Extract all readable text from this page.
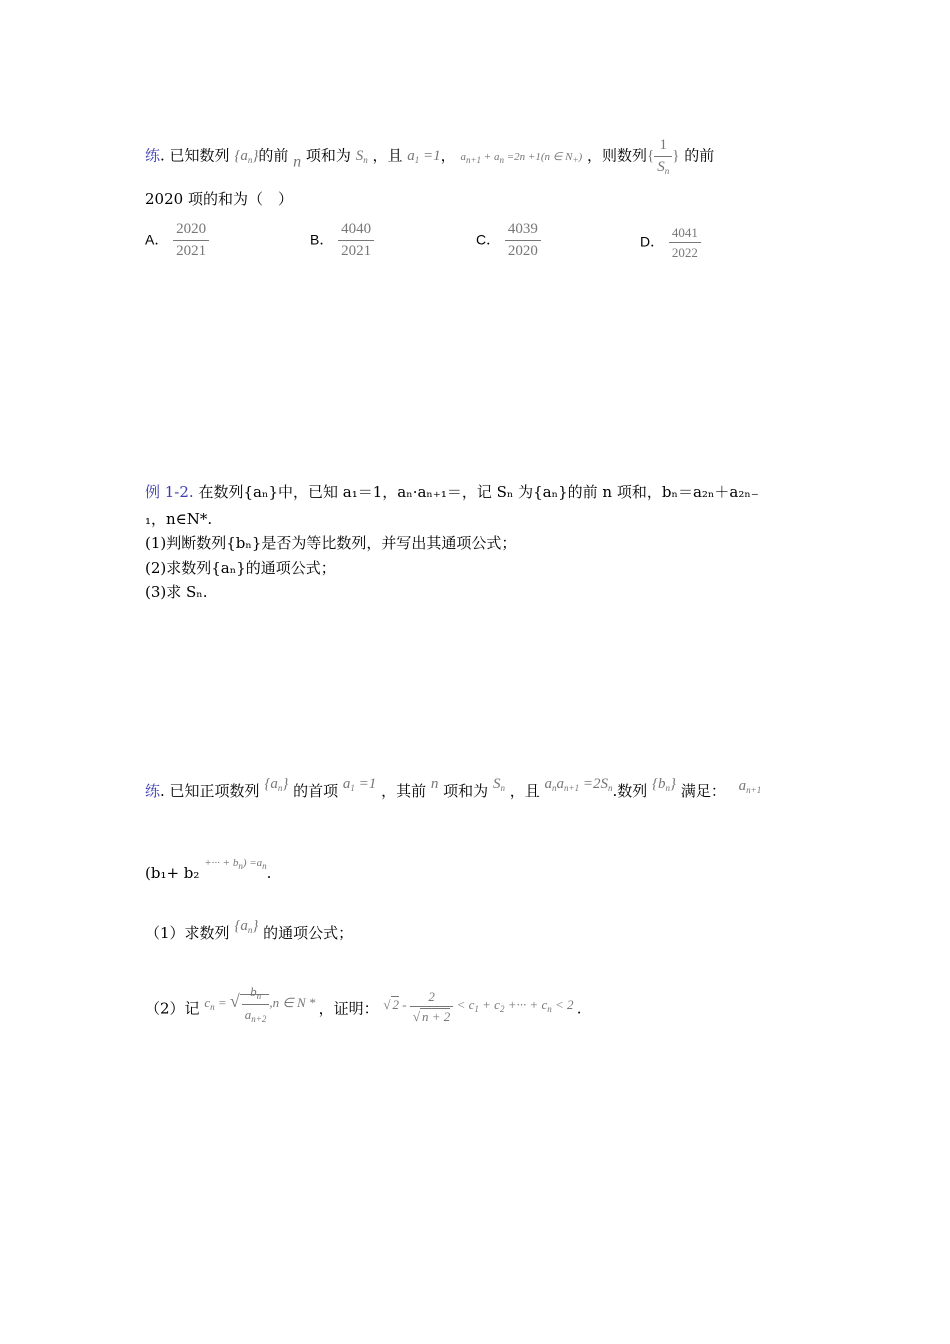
练. 已知数列 $\{a_n\}$的前 n 项和为 $S_n$ ，且 $a_1 =1$， $a_{n+1} + a_n =2n +1(n$ ∈ $N_+$) ，则数列{ $\frac{1}{S_n}$ } 的前
2020 项的和为（　）
A． $\frac{2020}{2021}$	B． $\frac{4040}{2021}$	C． $\frac{4039}{2020}$	D． $\frac{4041}{2022}$
例 1-2. 在数列{aₙ}中，已知 a₁＝1，aₙ·aₙ₊₁＝，记 Sₙ 为{aₙ}的前 n 项和，bₙ＝a₂ₙ＋a₂ₙ₋
₁，n∈N*.
(1)判断数列{bₙ}是否为等比数列，并写出其通项公式；
(2)求数列{aₙ}的通项公式；
(3)求 Sₙ.
练. 已知正项数列 $\{a_n\}$ 的首项 $a_1 =1$ ，其前 n 项和为 $S_n$ ，且 $a_na_{n+1} =2S_n$.数列 $\{b_n\}$ 满足： $a_{n+1}$
(b₁+ b₂ $^{+\cdot\cdot\cdot + b_n) =a_n}$.
（1）求数列 $\{a_n\}$ 的通项公式；
（2）记 $c_n$ = √ $\frac{b_n}{a_{n+2}} ,n$ ∈ N * ，证明： √ $2 - \frac{2}{√ n + 2} < c_1 + c_2$ +··· + $c_n < 2$ .
